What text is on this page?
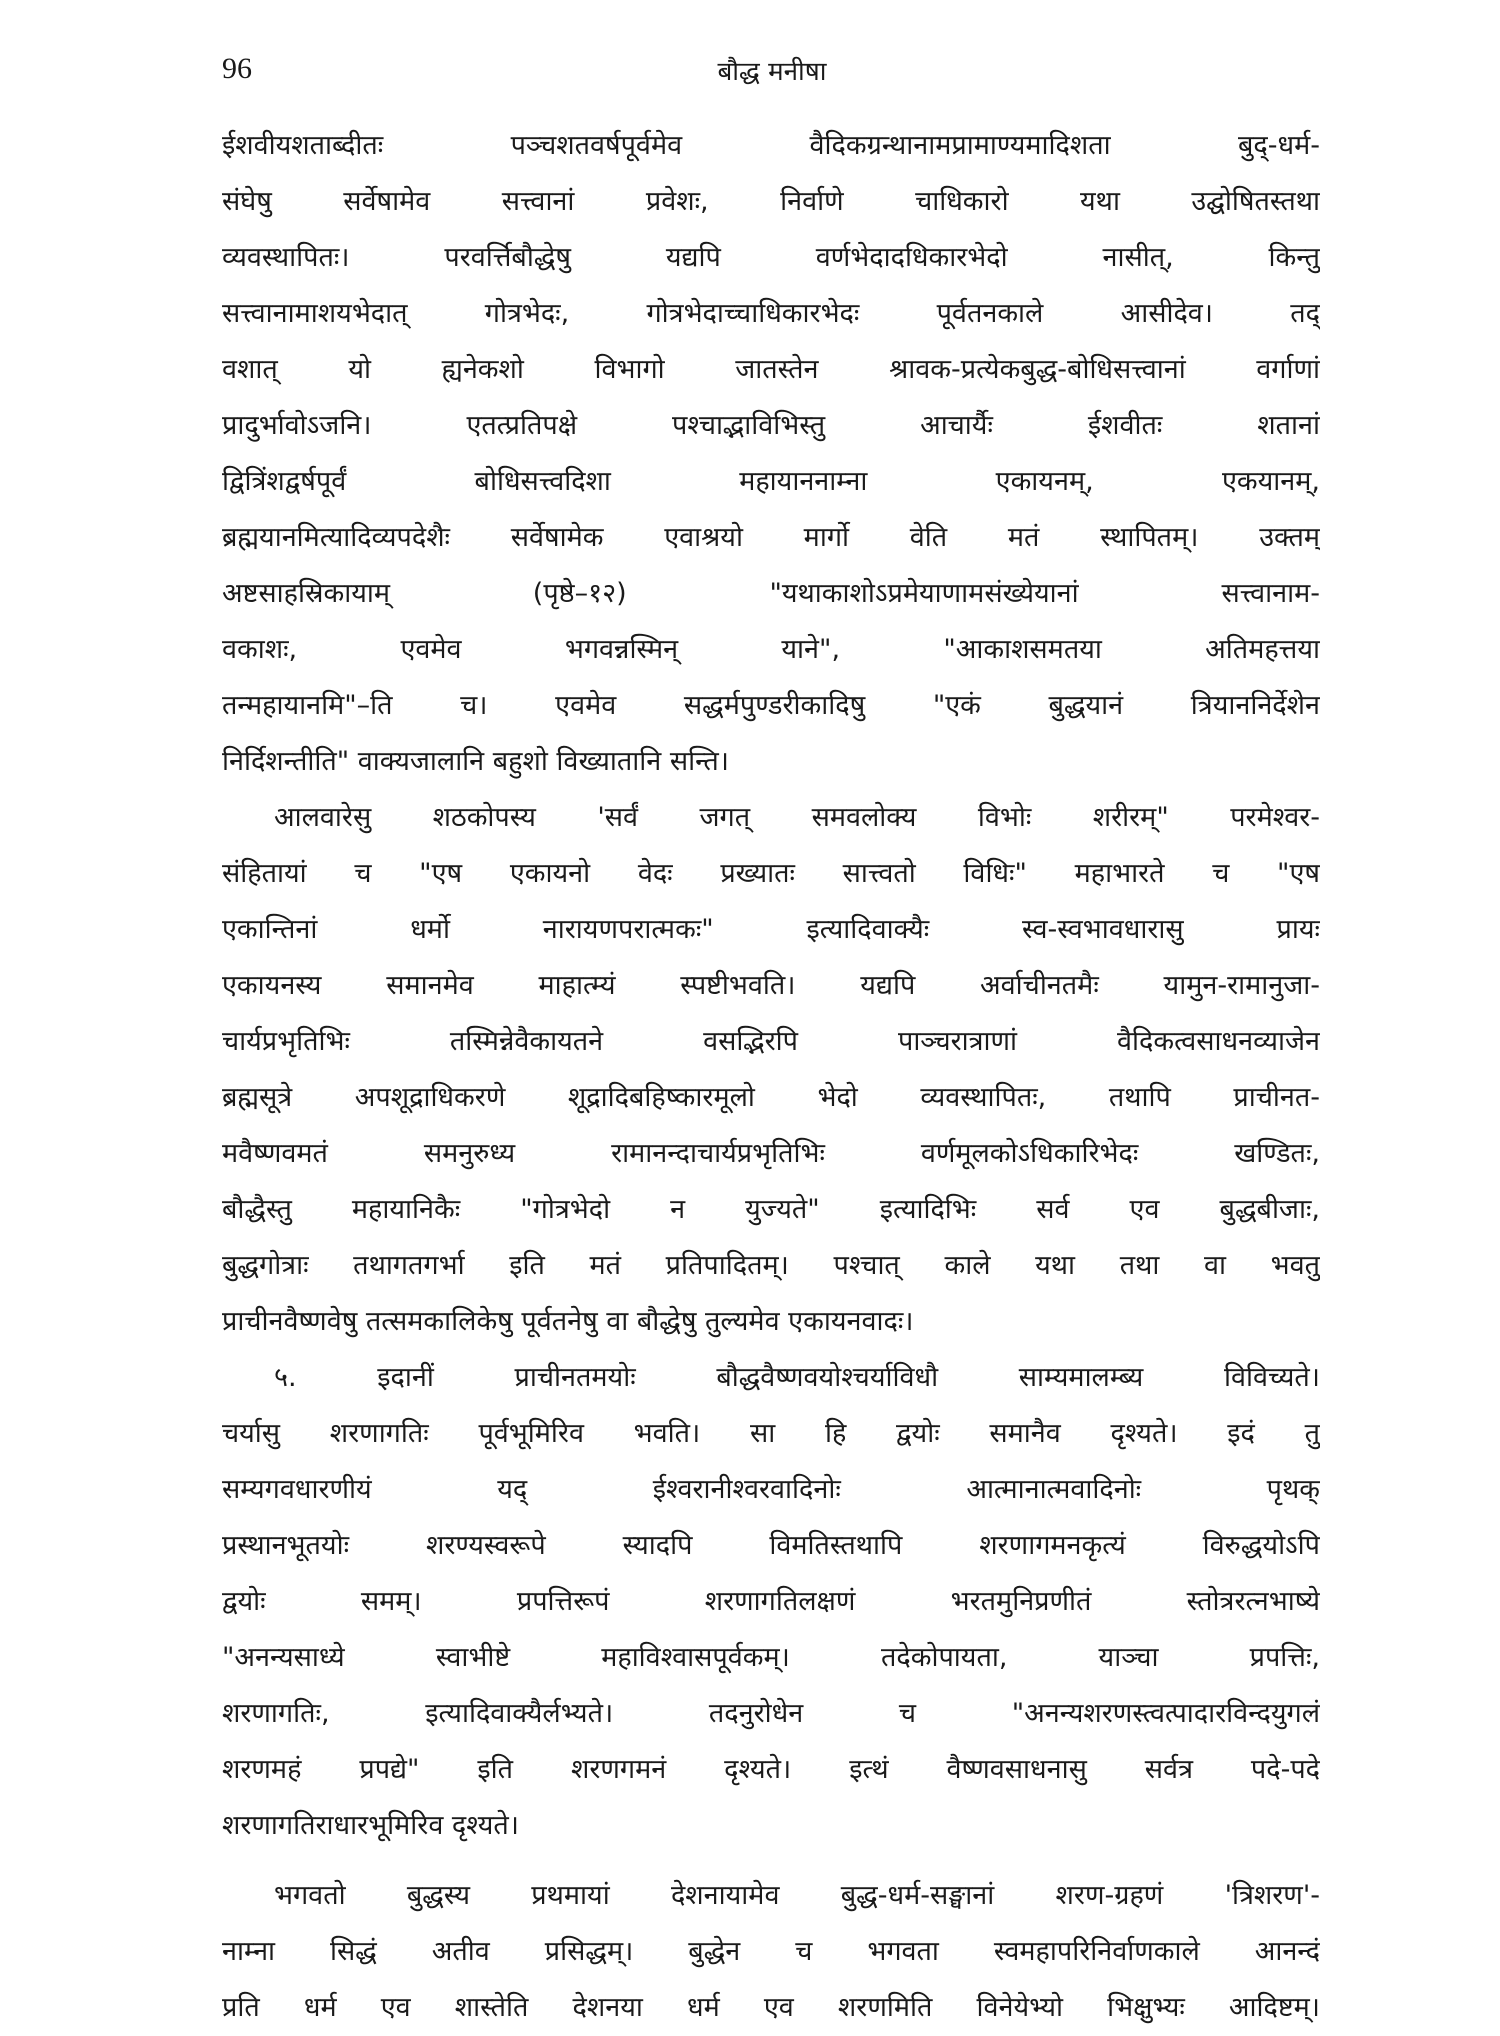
96	बौद्ध मनीषा
ईशवीयशताब्दीतः पञ्चशतवर्षपूर्वमेव वैदिकग्रन्थानामप्रामाण्यमादिशता बुद्-धर्म-
संघेषु सर्वेषामेव सत्त्वानां प्रवेशः, निर्वाणे चाधिकारो यथा उद्घोषितस्तथा
व्यवस्थापितः। परवर्त्तिबौद्धेषु यद्यपि वर्णभेदादधिकारभेदो नासीत्, किन्तु
सत्त्वानामाशयभेदात् गोत्रभेदः, गोत्रभेदाच्चाधिकारभेदः पूर्वतनकाले आसीदेव। तद्
वशात् यो ह्यनेकशो विभागो जातस्तेन श्रावक-प्रत्येकबुद्ध-बोधिसत्त्वानां वर्गाणां
प्रादुर्भावोऽजनि। एतत्प्रतिपक्षे पश्चाद्भाविभिस्तु आचार्यैः ईशवीतः शतानां
द्वित्रिंशद्वर्षपूर्वं बोधिसत्त्वदिशा महायाननाम्ना एकायनम्, एकयानम्,
ब्रह्मयानमित्यादिव्यपदेशैः सर्वेषामेक एवाश्रयो मार्गो वेति मतं स्थापितम्। उक्तम्
अष्टसाहस्रिकायाम् (पृष्ठे–१२) "यथाकाशोऽप्रमेयाणामसंख्येयानां सत्त्वानाम-
वकाशः, एवमेव भगवन्नस्मिन् याने", "आकाशसमतया अतिमहत्तया
तन्महायानमि"–ति च। एवमेव सद्धर्मपुण्डरीकादिषु "एकं बुद्धयानं त्रियाननिर्देशेन
निर्दिशन्तीति" वाक्यजालानि बहुशो विख्यातानि सन्ति।
आलवारेसु शठकोपस्य 'सर्वं जगत् समवलोक्य विभोः शरीरम्" परमेश्वर-
संहितायां च "एष एकायनो वेदः प्रख्यातः सात्त्वतो विधिः" महाभारते च "एष
एकान्तिनां धर्मो नारायणपरात्मकः" इत्यादिवाक्यैः स्व-स्वभावधारासु प्रायः
एकायनस्य समानमेव माहात्म्यं स्पष्टीभवति। यद्यपि अर्वाचीनतमैः यामुन-रामानुजा-
चार्यप्रभृतिभिः तस्मिन्नेवैकायतने वसद्भिरपि पाञ्चरात्राणां वैदिकत्वसाधनव्याजेन
ब्रह्मसूत्रे अपशूद्राधिकरणे शूद्रादिबहिष्कारमूलो भेदो व्यवस्थापितः, तथापि प्राचीनत-
मवैष्णवमतं समनुरुध्य रामानन्दाचार्यप्रभृतिभिः वर्णमूलकोऽधिकारिभेदः खण्डितः,
बौद्धैस्तु महायानिकैः "गोत्रभेदो न युज्यते" इत्यादिभिः सर्व एव बुद्धबीजाः,
बुद्धगोत्राः तथागतगर्भा इति मतं प्रतिपादितम्। पश्चात् काले यथा तथा वा भवतु
प्राचीनवैष्णवेषु तत्समकालिकेषु पूर्वतनेषु वा बौद्धेषु तुल्यमेव एकायनवादः।
५. इदानीं प्राचीनतमयोः बौद्धवैष्णवयोश्चर्याविधौ साम्यमालम्ब्य विविच्यते।
चर्यासु शरणागतिः पूर्वभूमिरिव भवति। सा हि द्वयोः समानैव दृश्यते। इदं तु
सम्यगवधारणीयं यद् ईश्वरानीश्वरवादिनोः आत्मानात्मवादिनोः पृथक्
प्रस्थानभूतयोः शरण्यस्वरूपे स्यादपि विमतिस्तथापि शरणागमनकृत्यं विरुद्धयोऽपि
द्वयोः समम्। प्रपत्तिरूपं शरणागतिलक्षणं भरतमुनिप्रणीतं स्तोत्ररत्नभाष्ये
"अनन्यसाध्ये स्वाभीष्टे महाविश्वासपूर्वकम्। तदेकोपायता, याञ्चा प्रपत्तिः,
शरणागतिः, इत्यादिवाक्यैर्लभ्यते। तदनुरोधेन च "अनन्यशरणस्त्वत्पादारविन्दयुगलं
शरणमहं प्रपद्ये" इति शरणगमनं दृश्यते। इत्थं वैष्णवसाधनासु सर्वत्र पदे-पदे
शरणागतिराधारभूमिरिव दृश्यते।
भगवतो बुद्धस्य प्रथमायां देशनायामेव बुद्ध-धर्म-सङ्घानां शरण-ग्रहणं 'त्रिशरण'-
नाम्ना सिद्धं अतीव प्रसिद्धम्। बुद्धेन च भगवता स्वमहापरिनिर्वाणकाले आनन्दं
प्रति धर्म एव शास्तेति देशनया धर्म एव शरणमिति विनेयेभ्यो भिक्षुभ्यः आदिष्टम्।
